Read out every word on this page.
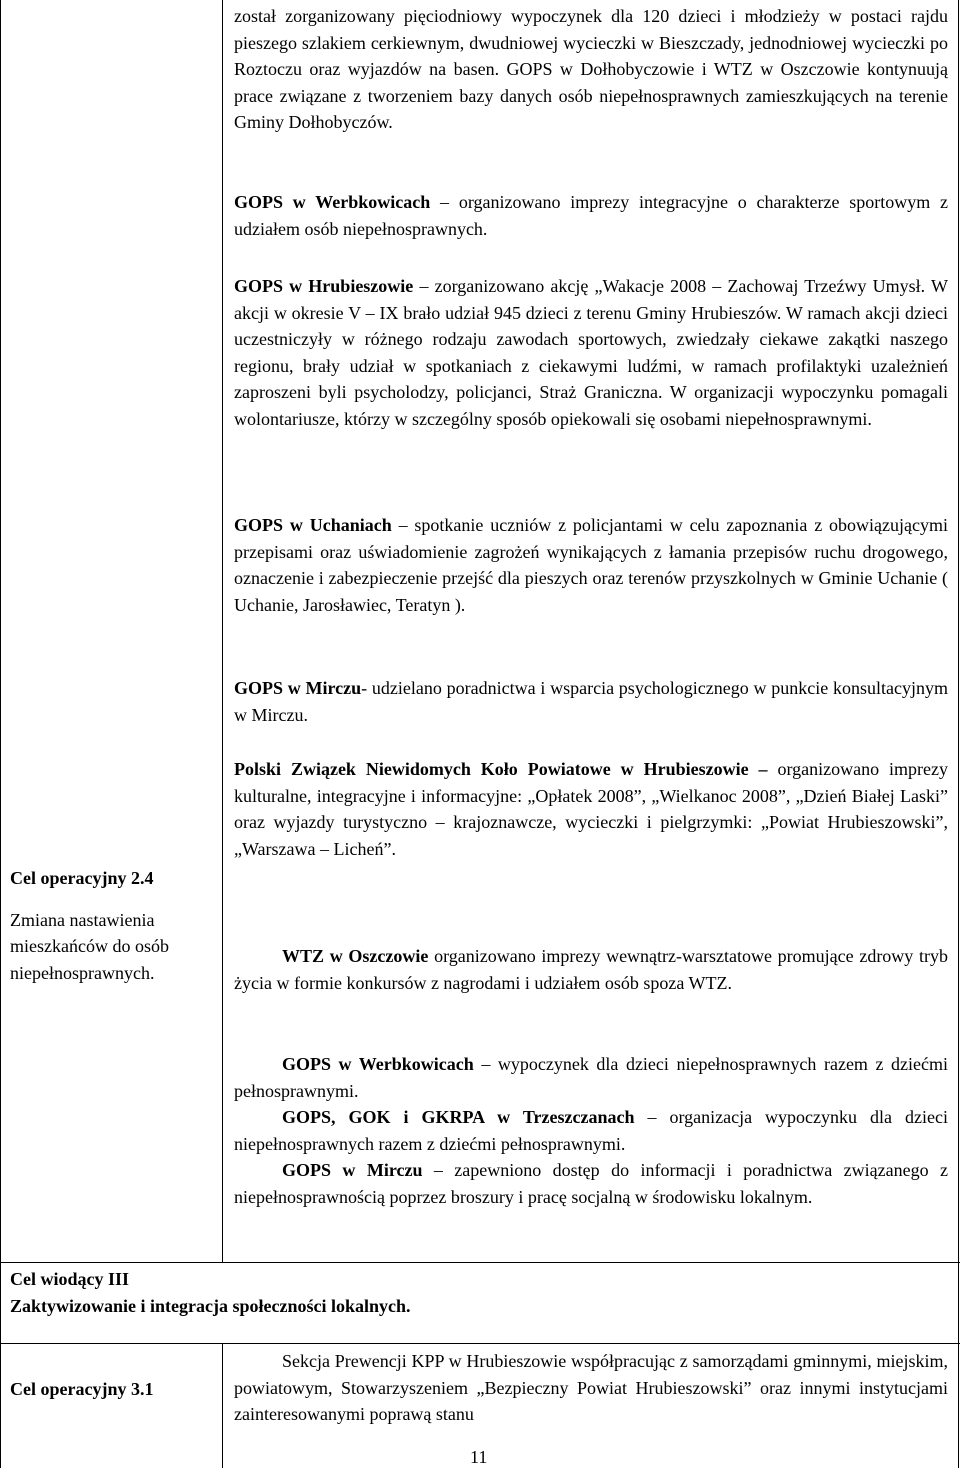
został zorganizowany pięciodniowy wypoczynek dla 120 dzieci i młodzieży w postaci rajdu pieszego szlakiem cerkiewnym, dwudniowej wycieczki w Bieszczady, jednodniowej wycieczki po Roztoczu oraz wyjazdów na basen. GOPS w Dołhobyczowie i WTZ w Oszczowie kontynuują prace związane z tworzeniem bazy danych osób niepełnosprawnych zamieszkujących na terenie Gminy Dołhobyczów.

GOPS w Werbkowicach – organizowano imprezy integracyjne o charakterze sportowym z udziałem osób niepełnosprawnych.

GOPS w Hrubieszowie – zorganizowano akcję „Wakacje 2008 – Zachowaj Trzeźwy Umysł. W akcji w okresie V – IX brało udział 945 dzieci z terenu Gminy Hrubieszów. W ramach akcji dzieci uczestniczyły w różnego rodzaju zawodach sportowych, zwiedzały ciekawe zakątki naszego regionu, brały udział w spotkaniach z ciekawymi ludźmi, w ramach profilaktyki uzależnień zaproszeni byli psycholodzy, policjanci, Straż Graniczna. W organizacji wypoczynku pomagali wolontariusze, którzy w szczególny sposób opiekowali się osobami niepełnosprawnymi.

GOPS w Uchaniach – spotkanie uczniów z policjantami w celu zapoznania z obowiązującymi przepisami oraz uświadomienie zagrożeń wynikających z łamania przepisów ruchu drogowego, oznaczenie i zabezpieczenie przejść dla pieszych oraz terenów przyszkolnych w Gminie Uchanie ( Uchanie, Jarosławiec, Teratyn ).

GOPS w Mirczu- udzielano poradnictwa i wsparcia psychologicznego w punkcie konsultacyjnym w Mirczu.

Cel operacyjny 2.4
Zmiana nastawienia mieszkańców do osób niepełnosprawnych.

Polski Związek Niewidomych Koło Powiatowe w Hrubieszowie – organizowano imprezy kulturalne, integracyjne i informacyjne: „Opłatek 2008”, „Wielkanoc 2008”, „Dzień Białej Laski” oraz wyjazdy turystyczno – krajoznawcze, wycieczki i pielgrzymki: „Powiat Hrubieszowski”, „Warszawa – Licheń”.

WTZ w Oszczowie organizowano imprezy wewnątrz-warsztatowe promujące zdrowy tryb życia w formie konkursów z nagrodami i udziałem osób spoza WTZ.

GOPS w Werbkowicach – wypoczynek dla dzieci niepełnosprawnych razem z dziećmi pełnosprawnymi.

GOPS, GOK i GKRPA w Trzeszczanach – organizacja wypoczynku dla dzieci niepełnosprawnych razem z dziećmi pełnosprawnymi.

GOPS w Mirczu – zapewniono dostęp do informacji i poradnictwa związanego z niepełnosprawnością poprzez broszury i pracę socjalną w środowisku lokalnym.

Cel wiodący III
Zaktywizowanie i integracja społeczności lokalnych.
Cel operacyjny 3.1

Sekcja Prewencji KPP w Hrubieszowie współpracując z samorządami gminnymi, miejskim, powiatowym, Stowarzyszeniem „Bezpieczny Powiat Hrubieszowski” oraz innymi instytucjami zainteresowanymi poprawą stanu

11
